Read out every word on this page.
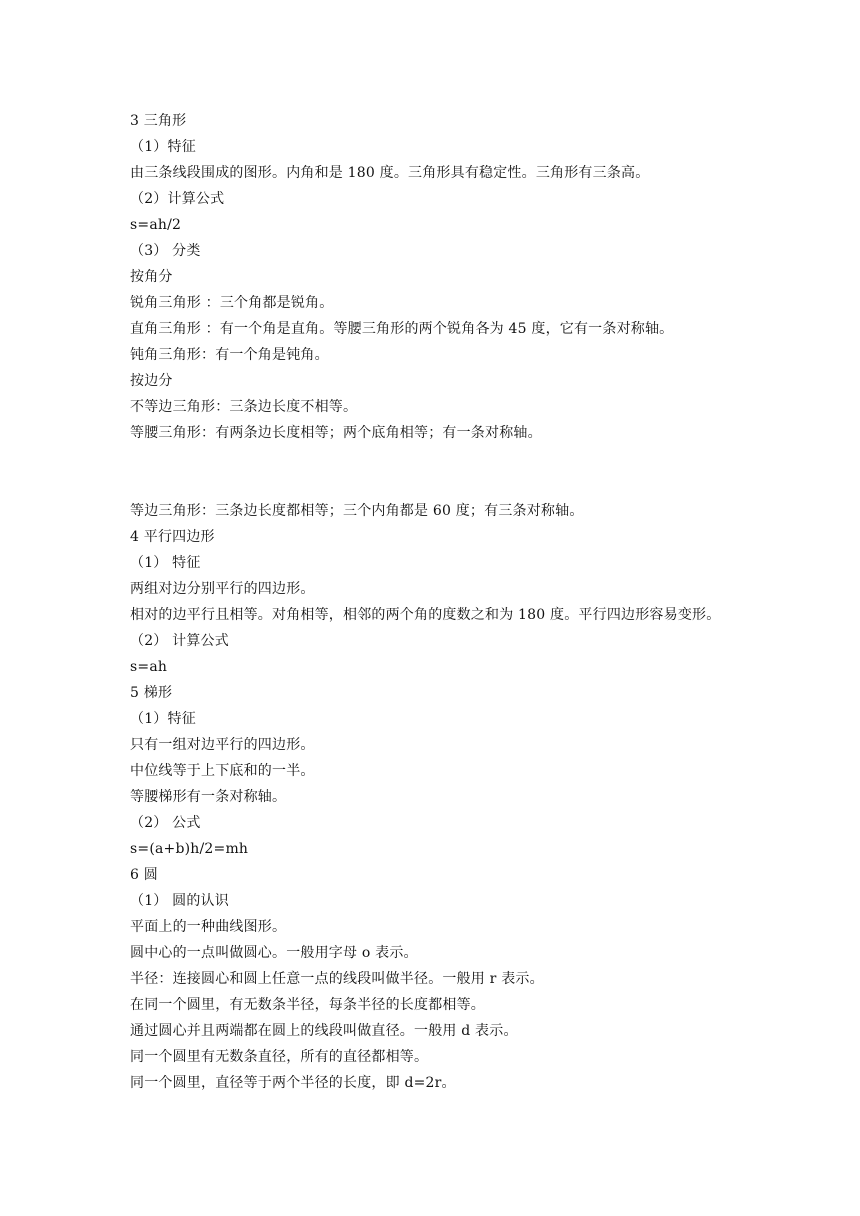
3 三角形
（1）特征
由三条线段围成的图形。内角和是 180 度。三角形具有稳定性。三角形有三条高。
（2）计算公式
s=ah/2
（3） 分类
按角分
锐角三角形 ：三个角都是锐角。
直角三角形 ：有一个角是直角。等腰三角形的两个锐角各为 45 度，它有一条对称轴。
钝角三角形：有一个角是钝角。
按边分
不等边三角形：三条边长度不相等。
等腰三角形：有两条边长度相等；两个底角相等；有一条对称轴。
等边三角形：三条边长度都相等；三个内角都是 60 度；有三条对称轴。
4 平行四边形
（1） 特征
两组对边分别平行的四边形。
相对的边平行且相等。对角相等，相邻的两个角的度数之和为 180 度。平行四边形容易变形。
（2） 计算公式
s=ah
5 梯形
（1）特征
只有一组对边平行的四边形。
中位线等于上下底和的一半。
等腰梯形有一条对称轴。
（2） 公式
s=(a+b)h/2=mh
6 圆
（1） 圆的认识
平面上的一种曲线图形。
圆中心的一点叫做圆心。一般用字母 o 表示。
半径：连接圆心和圆上任意一点的线段叫做半径。一般用 r 表示。
在同一个圆里，有无数条半径，每条半径的长度都相等。
通过圆心并且两端都在圆上的线段叫做直径。一般用 d 表示。
同一个圆里有无数条直径，所有的直径都相等。
同一个圆里，直径等于两个半径的长度，即 d=2r。
